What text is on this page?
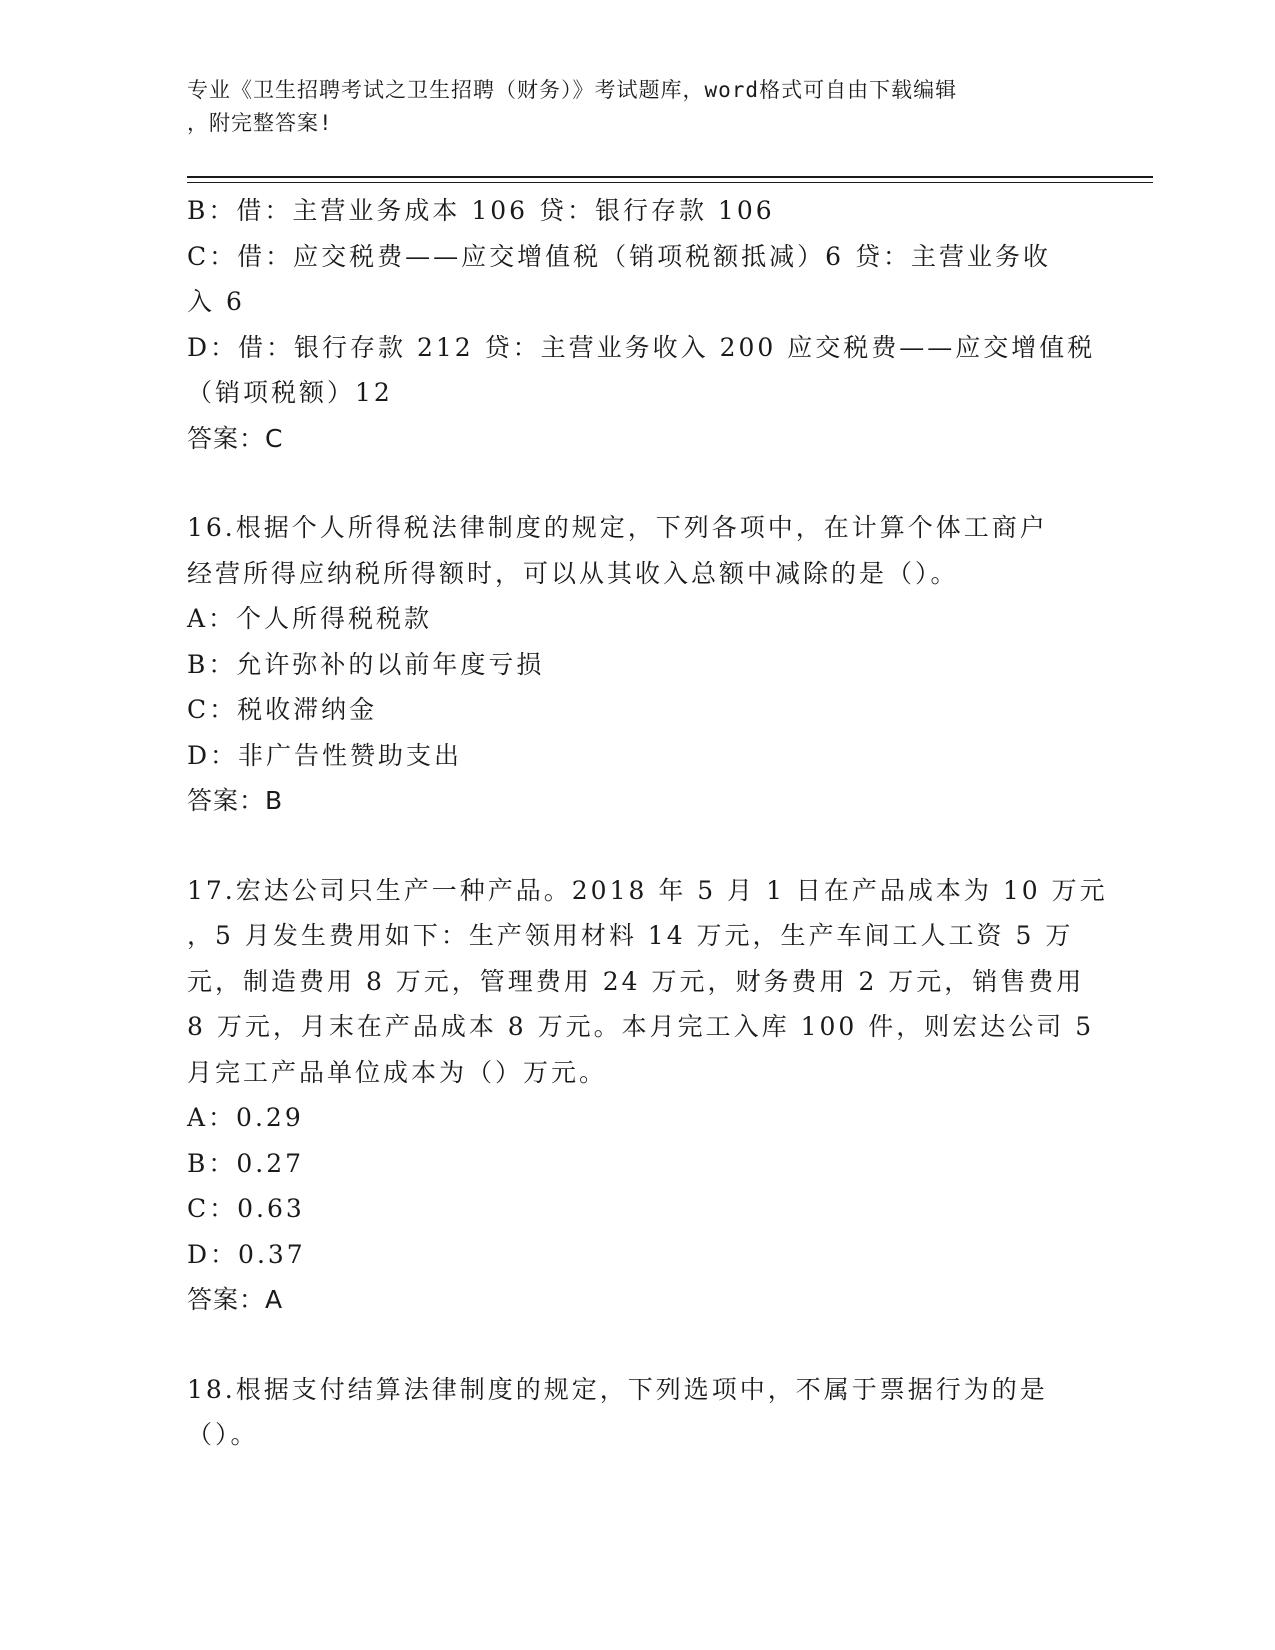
专业《卫生招聘考试之卫生招聘（财务）》考试题库，word格式可自由下载编辑
，附完整答案!
B：借：主营业务成本 106 贷：银行存款 106
C：借：应交税费——应交增值税（销项税额抵减）6 贷：主营业务收
入 6
D：借：银行存款 212 贷：主营业务收入 200 应交税费——应交增值税
（销项税额）12
答案：C
16.根据个人所得税法律制度的规定，下列各项中，在计算个体工商户
经营所得应纳税所得额时，可以从其收入总额中减除的是（）。
A：个人所得税税款
B：允许弥补的以前年度亏损
C：税收滞纳金
D：非广告性赞助支出
答案：B
17.宏达公司只生产一种产品。2018 年 5 月 1 日在产品成本为 10 万元
，5 月发生费用如下：生产领用材料 14 万元，生产车间工人工资 5 万
元，制造费用 8 万元，管理费用 24 万元，财务费用 2 万元，销售费用
8 万元，月末在产品成本 8 万元。本月完工入库 100 件，则宏达公司 5
月完工产品单位成本为（）万元。
A：0.29
B：0.27
C：0.63
D：0.37
答案：A
18.根据支付结算法律制度的规定，下列选项中，不属于票据行为的是
（）。
